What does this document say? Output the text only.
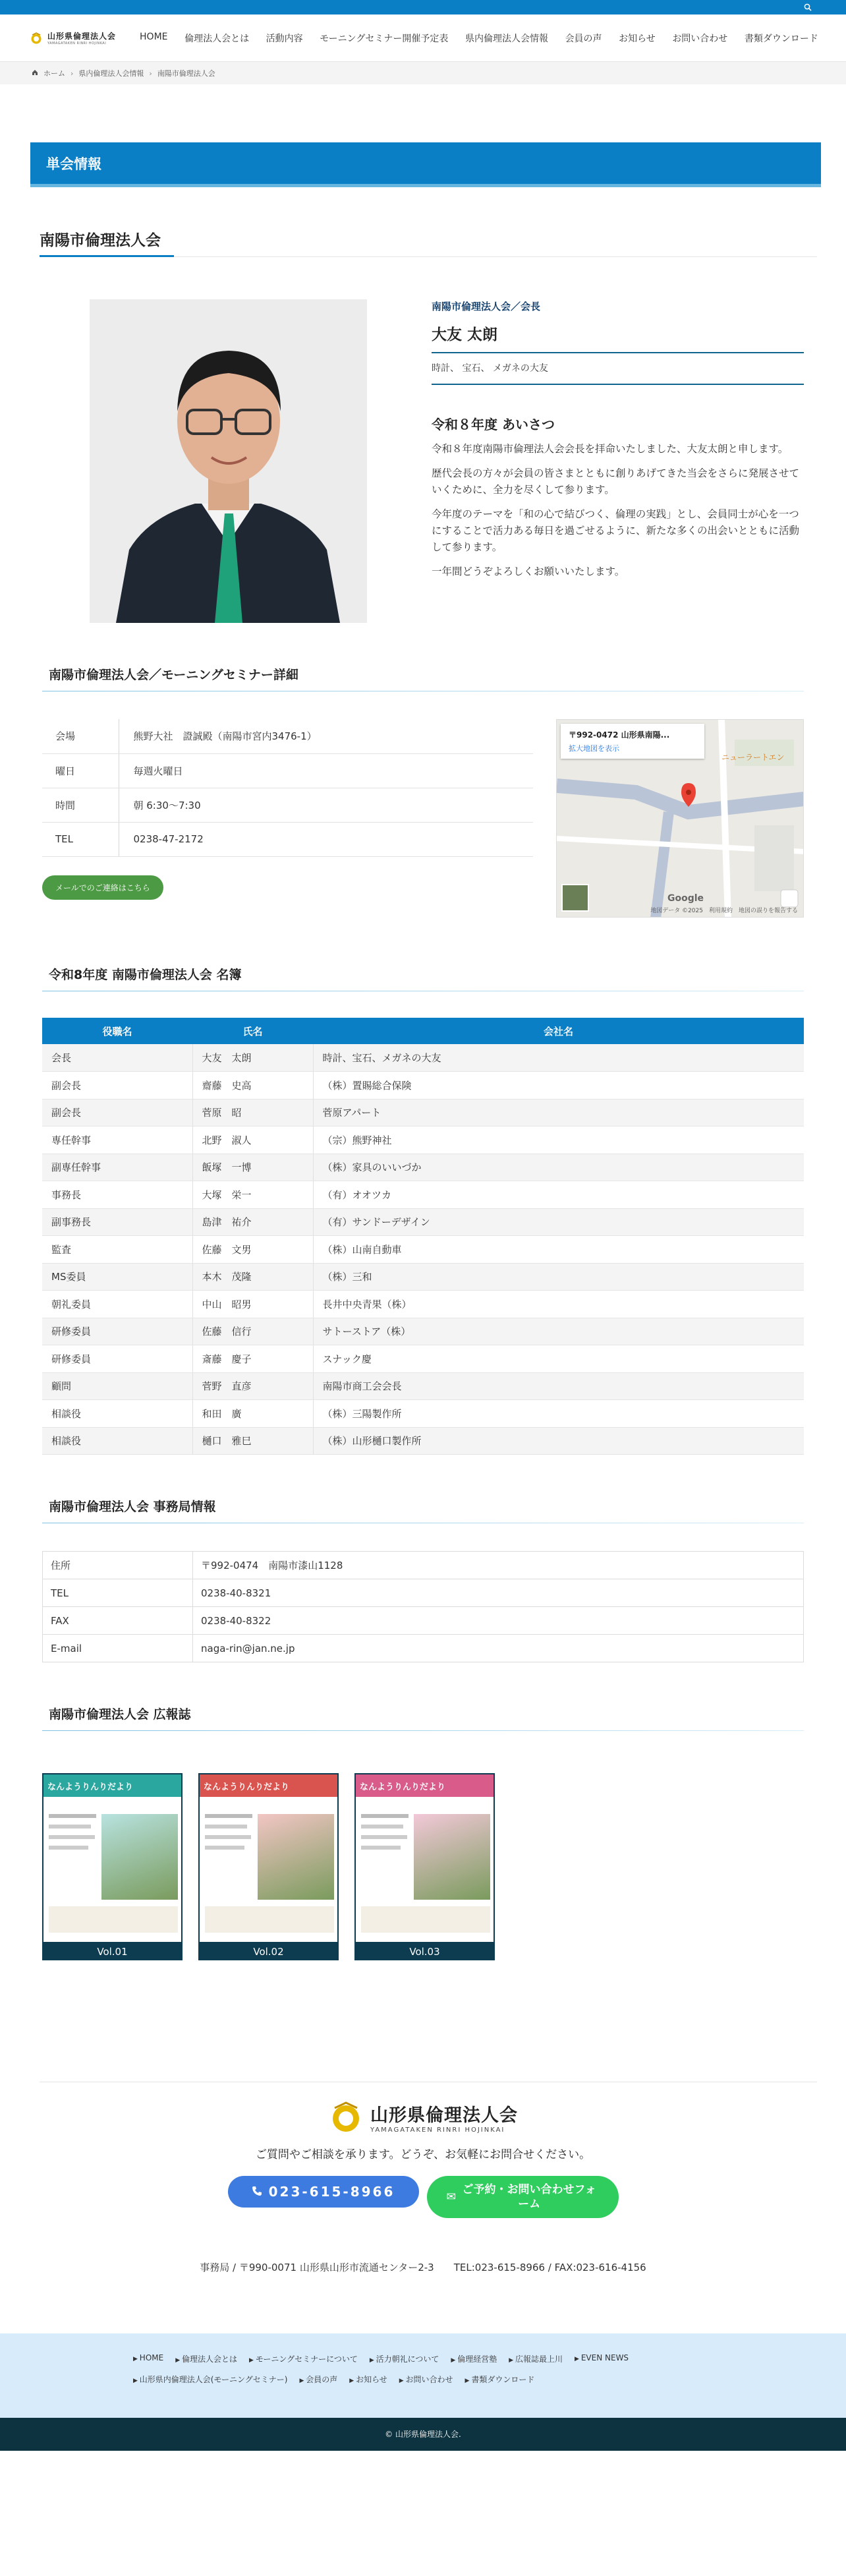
山形県倫理法人会
YAMAGATAKEN RINRI HOJINKAI
HOME	倫理法人会とは	活動内容	モーニングセミナー開催予定表	県内倫理法人会情報	会員の声	お知らせ	お問い合わせ	書類ダウンロード
ホーム › 県内倫理法人会情報 › 南陽市倫理法人会
単会情報
南陽市倫理法人会
南陽市倫理法人会／会長
大友 太朗
時計、 宝石、 メガネの大友
令和８年度 あいさつ

令和８年度南陽市倫理法人会会長を拝命いたしました、大友太朗と申します。

歴代会長の方々が会員の皆さまとともに創りあげてきた当会をさらに発展させていくために、全力を尽くして参ります。

今年度のテーマを「和の心で結びつく、倫理の実践」とし、会員同士が心を一つにすることで活力ある毎日を過ごせるように、新たな多くの出会いとともに活動して参ります。

一年間どうぞよろしくお願いいたします。

南陽市倫理法人会／モーニングセミナー詳細
会場	熊野大社　證誠殿（南陽市宮内3476-1）
曜日	毎週火曜日
時間	朝 6:30〜7:30
TEL	0238-47-2172
メールでのご連絡はこちら
〒992-0472 山形県南陽...
拡大地図を表示
ニューラートエン
Google
地図データ ©2025　利用規約　地図の誤りを報告する
令和8年度 南陽市倫理法人会 名簿
役職名	氏名	会社名
会長	大友　太朗	時計、宝石、メガネの大友
副会長	齋藤　史高	（株）置賜総合保険
副会長	菅原　昭	菅原アパート
専任幹事	北野　淑人	（宗）熊野神社
副専任幹事	飯塚　一博	（株）家具のいいづか
事務長	大塚　栄一	（有）オオツカ
副事務長	島津　祐介	（有）サンドーデザイン
監査	佐藤　文男	（株）山南自動車
MS委員	本木　茂隆	（株）三和
朝礼委員	中山　昭男	長井中央青果（株）
研修委員	佐藤　信行	サトーストア（株）
研修委員	斎藤　慶子	スナック慶
顧問	菅野　直彦	南陽市商工会会長
相談役	和田　廣	（株）三陽製作所
相談役	樋口　雅巳	（株）山形樋口製作所
南陽市倫理法人会 事務局情報
住所	〒992-0474　南陽市漆山1128
TEL	0238-40-8321
FAX	0238-40-8322
E-mail	naga-rin@jan.ne.jp
南陽市倫理法人会 広報誌
なんようりんりだより
Vol.01
なんようりんりだより
Vol.02
なんようりんりだより
Vol.03
山形県倫理法人会
YAMAGATAKEN RINRI HOJINKAI
ご質問やご相談を承ります。どうぞ、お気軽にお問合せください。
023-615-8966	✉
ご予約・お問い合わせフォーム
事務局 / 〒990-0071 山形県山形市流通センター2-3　　TEL:023-615-8966 / FAX:023-616-4156
▶ HOME	▶ 倫理法人会とは	▶ モーニングセミナーについて	▶ 活力朝礼について	▶ 倫理経営塾	▶ 広報誌最上川	▶ EVEN NEWS
▶ 山形県内倫理法人会(モーニングセミナー)	▶ 会員の声	▶ お知らせ	▶ お問い合わせ	▶ 書類ダウンロード
© 山形県倫理法人会.
